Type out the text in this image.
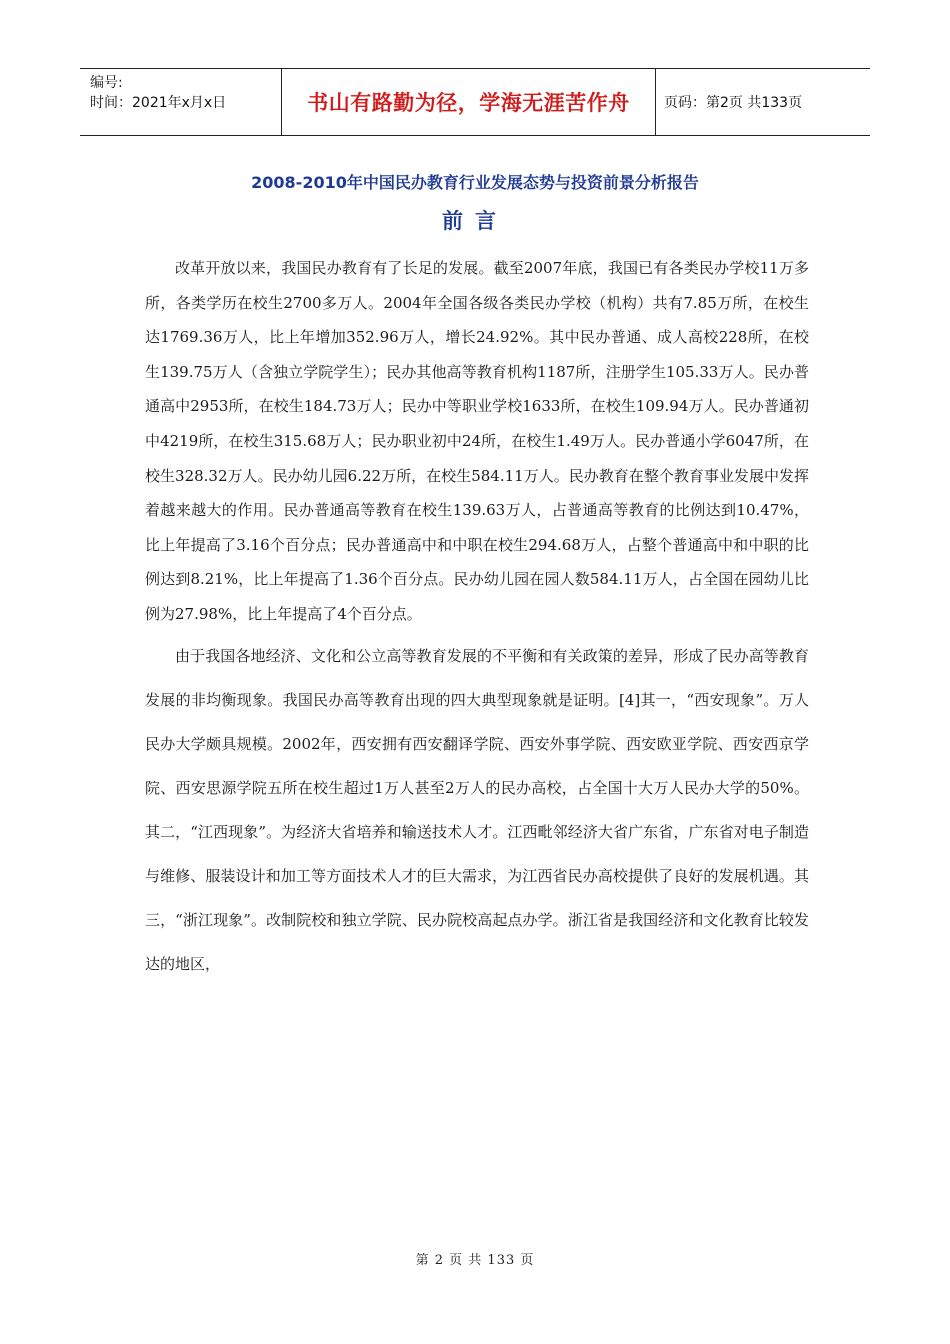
编号:
时间：2021年x月x日	书山有路勤为径，学海无涯苦作舟 页码：第2页 共133页
2008-2010年中国民办教育行业发展态势与投资前景分析报告
前言

改革开放以来，我国民办教育有了长足的发展。截至2007年底，我国已有各类民办学校11万多所，各类学历在校生2700多万人。2004年全国各级各类民办学校（机构）共有7.85万所，在校生达1769.36万人，比上年增加352.96万人，增长24.92%。其中民办普通、成人高校228所，在校生139.75万人（含独立学院学生）；民办其他高等教育机构1187所，注册学生105.33万人。民办普通高中2953所，在校生184.73万人；民办中等职业学校1633所，在校生109.94万人。民办普通初中4219所，在校生315.68万人；民办职业初中24所，在校生1.49万人。民办普通小学6047所，在校生328.32万人。民办幼儿园6.22万所，在校生584.11万人。民办教育在整个教育事业发展中发挥着越来越大的作用。民办普通高等教育在校生139.63万人，占普通高等教育的比例达到10.47%，比上年提高了3.16个百分点；民办普通高中和中职在校生294.68万人，占整个普通高中和中职的比例达到8.21%，比上年提高了1.36个百分点。民办幼儿园在园人数584.11万人，占全国在园幼儿比例为27.98%，比上年提高了4个百分点。

由于我国各地经济、文化和公立高等教育发展的不平衡和有关政策的差异，形成了民办高等教育发展的非均衡现象。我国民办高等教育出现的四大典型现象就是证明。[4]其一，“西安现象”。万人民办大学颇具规模。2002年，西安拥有西安翻译学院、西安外事学院、西安欧亚学院、西安西京学院、西安思源学院五所在校生超过1万人甚至2万人的民办高校，占全国十大万人民办大学的50%。其二，“江西现象”。为经济大省培养和输送技术人才。江西毗邻经济大省广东省，广东省对电子制造与维修、服装设计和加工等方面技术人才的巨大需求，为江西省民办高校提供了良好的发展机遇。其三，“浙江现象”。改制院校和独立学院、民办院校高起点办学。浙江省是我国经济和文化教育比较发达的地区，

第 2 页 共 133 页
